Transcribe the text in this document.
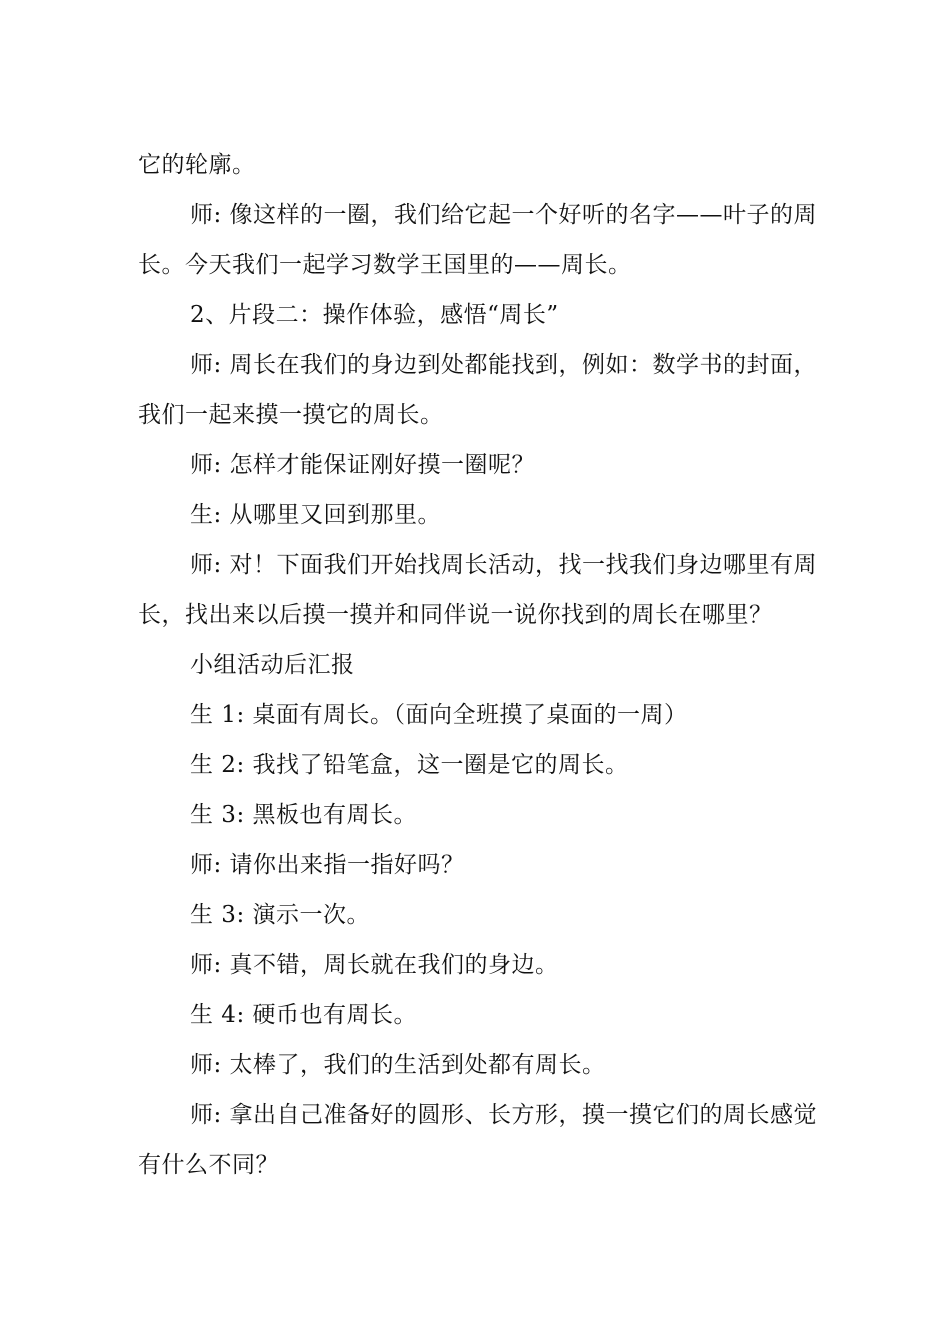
它的轮廓。

师: 像这样的一圈，我们给它起一个好听的名字——叶子的周长。今天我们一起学习数学王国里的——周长。

2、片段二：操作体验，感悟“周长”

师: 周长在我们的身边到处都能找到，例如：数学书的封面，我们一起来摸一摸它的周长。

师: 怎样才能保证刚好摸一圈呢？

生: 从哪里又回到那里。

师: 对！下面我们开始找周长活动，找一找我们身边哪里有周长，找出来以后摸一摸并和同伴说一说你找到的周长在哪里？

小组活动后汇报

生 1: 桌面有周长。（面向全班摸了桌面的一周）

生 2: 我找了铅笔盒，这一圈是它的周长。

生 3: 黑板也有周长。

师: 请你出来指一指好吗？

生 3: 演示一次。

师: 真不错，周长就在我们的身边。

生 4: 硬币也有周长。

师: 太棒了，我们的生活到处都有周长。

师: 拿出自己准备好的圆形、长方形，摸一摸它们的周长感觉有什么不同？
